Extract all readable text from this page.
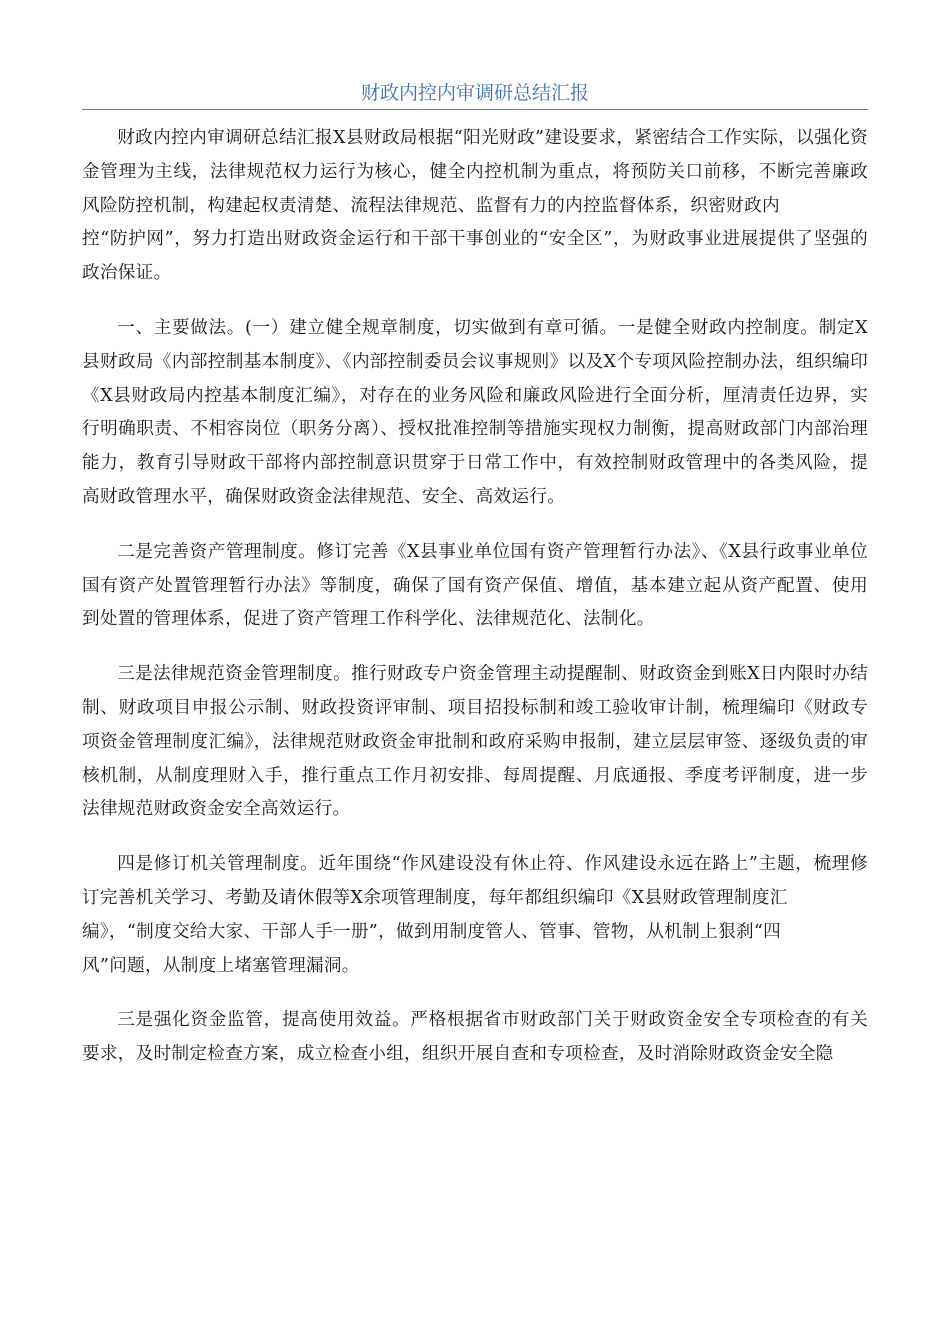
财政内控内审调研总结汇报

财政内控内审调研总结汇报X县财政局根据“阳光财政”建设要求，紧密结合工作实际，以强化资金管理为主线，法律规范权力运行为核心，健全内控机制为重点，将预防关口前移，不断完善廉政风险防控机制，构建起权责清楚、流程法律规范、监督有力的内控监督体系，织密财政内
控“防护网”，努力打造出财政资金运行和干部干事创业的“安全区”，为财政事业进展提供了坚强的政治保证。

一、主要做法。(一）建立健全规章制度，切实做到有章可循。一是健全财政内控制度。制定X县财政局《内部控制基本制度》、《内部控制委员会议事规则》以及X个专项风险控制办法，组织编印《X县财政局内控基本制度汇编》，对存在的业务风险和廉政风险进行全面分析，厘清责任边界，实行明确职责、不相容岗位（职务分离）、授权批准控制等措施实现权力制衡，提高财政部门内部治理能力，教育引导财政干部将内部控制意识贯穿于日常工作中，有效控制财政管理中的各类风险，提高财政管理水平，确保财政资金法律规范、安全、高效运行。

二是完善资产管理制度。修订完善《X县事业单位国有资产管理暂行办法》、《X县行政事业单位国有资产处置管理暂行办法》等制度，确保了国有资产保值、增值，基本建立起从资产配置、使用到处置的管理体系，促进了资产管理工作科学化、法律规范化、法制化。

三是法律规范资金管理制度。推行财政专户资金管理主动提醒制、财政资金到账X日内限时办结制、财政项目申报公示制、财政投资评审制、项目招投标制和竣工验收审计制，梳理编印《财政专项资金管理制度汇编》，法律规范财政资金审批制和政府采购申报制，建立层层审签、逐级负责的审核机制，从制度理财入手，推行重点工作月初安排、每周提醒、月底通报、季度考评制度，进一步法律规范财政资金安全高效运行。

四是修订机关管理制度。近年围绕“作风建设没有休止符、作风建设永远在路上”主题，梳理修订完善机关学习、考勤及请休假等X余项管理制度，每年都组织编印《X县财政管理制度汇
编》，“制度交给大家、干部人手一册”，做到用制度管人、管事、管物，从机制上狠刹“四
风”问题，从制度上堵塞管理漏洞。

三是强化资金监管，提高使用效益。严格根据省市财政部门关于财政资金安全专项检查的有关要求，及时制定检查方案，成立检查小组，组织开展自查和专项检查，及时消除财政资金安全隐
